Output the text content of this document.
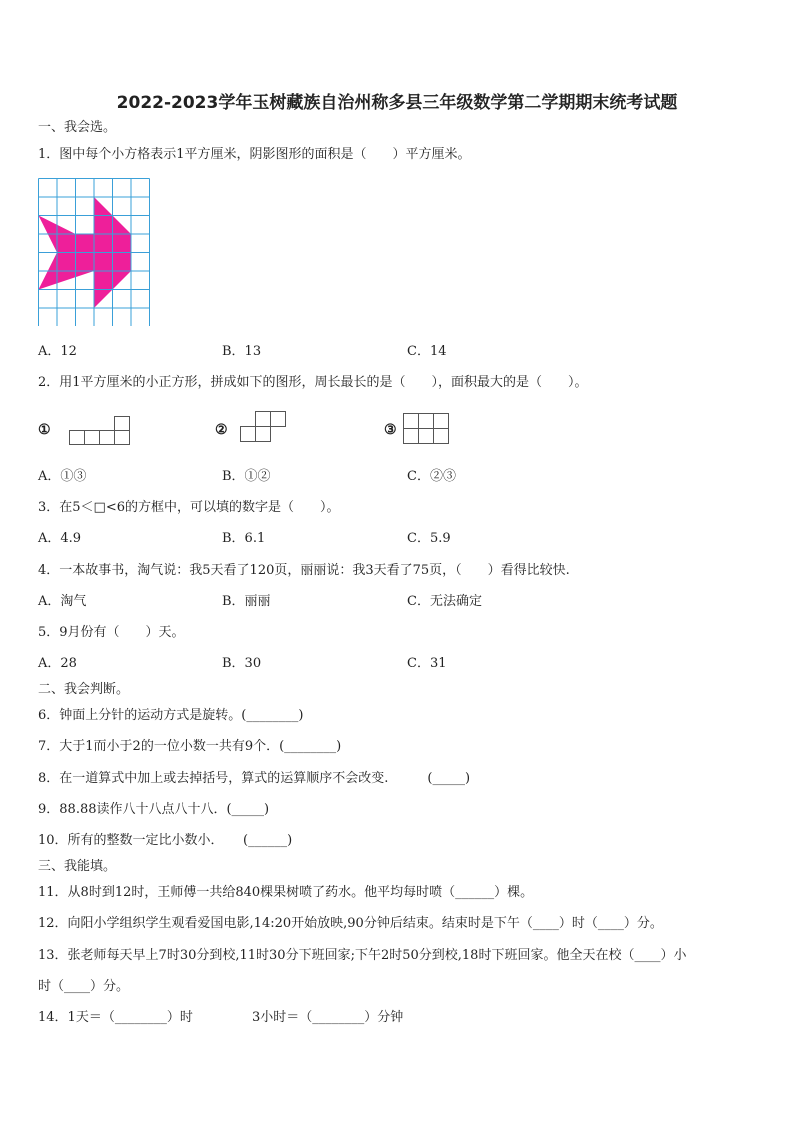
2022-2023学年玉树藏族自治州称多县三年级数学第二学期期末统考试题
一、我会选。
1．图中每个小方格表示1平方厘米，阴影图形的面积是（　　）平方厘米。
A．12	B．13	C．14
2．用1平方厘米的小正方形，拼成如下的图形，周长最长的是（　　），面积最大的是（　　）。
①	②	③
A．①③	B．①②	C．②③
3．在5＜□<6的方框中，可以填的数字是（　　）。
A．4.9	B．6.1	C．5.9
4．一本故事书，淘气说：我5天看了120页，丽丽说：我3天看了75页，（　　）看得比较快.
A．淘气	B．丽丽	C．无法确定
5．9月份有（　　）天。
A．28	B．30	C．31
二、我会判断。
6．钟面上分针的运动方式是旋转。(________)
7．大于1而小于2的一位小数一共有9个．(________)
8．在一道算式中加上或去掉括号，算式的运算顺序不会改变.　　　(_____)
9．88.88读作八十八点八十八．(_____)
10．所有的整数一定比小数小．　　(______)
三、我能填。
11．从8时到12时，王师傅一共给840棵果树喷了药水。他平均每时喷（______）棵。
12．向阳小学组织学生观看爱国电影,14:20开始放映,90分钟后结束。结束时是下午（____）时（____）分。
13．张老师每天早上7时30分到校,11时30分下班回家;下午2时50分到校,18时下班回家。他全天在校（____）小
时（____）分。
14．1天＝（________）时	3小时＝（________）分钟
